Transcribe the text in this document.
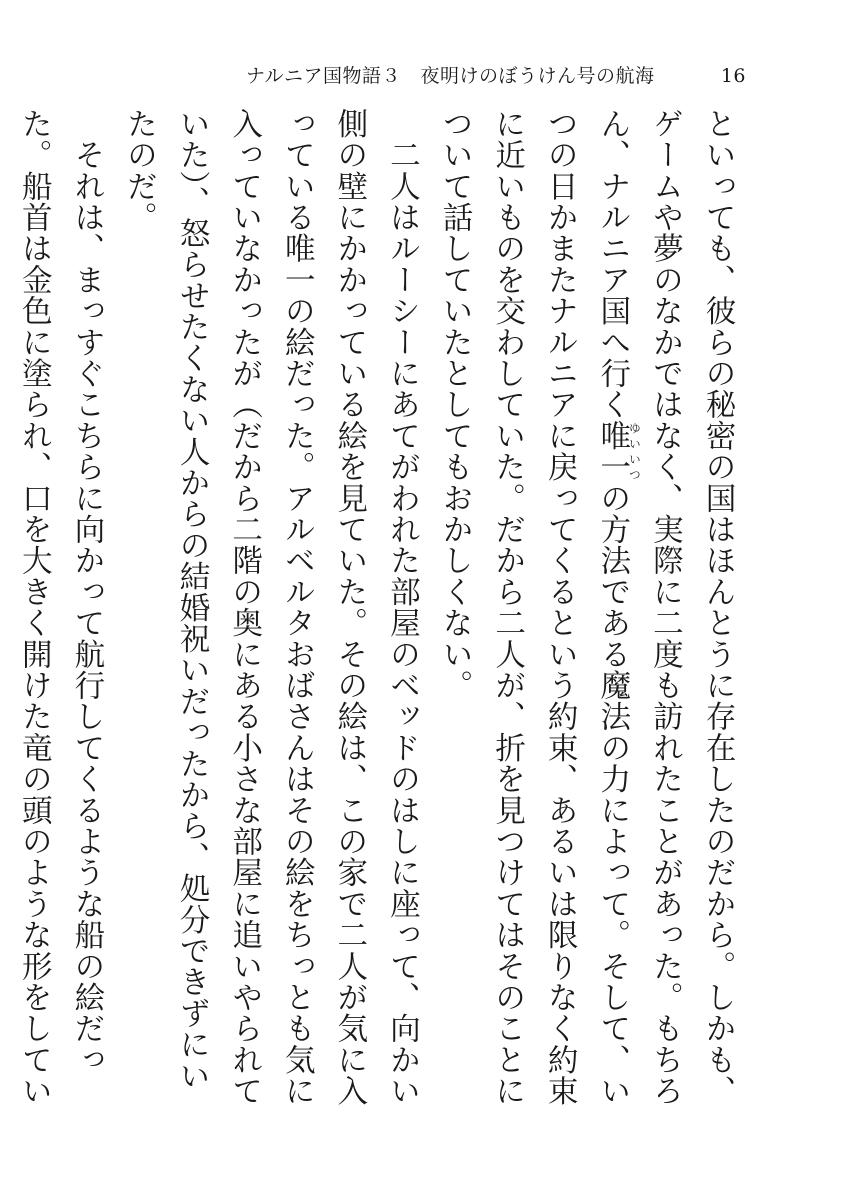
ナルニア国物語３　夜明けのぼうけん号の航海	16

といっても、彼らの秘密の国はほんとうに存在したのだから。しかも、ゲームや夢のなかではなく、実際に二度も訪れたことがあった。もちろん、ナルニア国へ行く唯一ゆいいつの方法である魔法の力によって。そして、いつの日かまたナルニアに戻ってくるという約束、あるいは限りなく約束に近いものを交わしていた。だから二人が、折を見つけてはそのことについて話していたとしてもおかしくない。

　二人はルーシーにあてがわれた部屋のベッドのはしに座って、向かい側の壁にかかっている絵を見ていた。その絵は、この家で二人が気に入っている唯一の絵だった。アルベルタおばさんはその絵をちっとも気に入っていなかったが（だから二階の奥にある小さな部屋に追いやられていた）、怒らせたくない人からの結婚祝いだったから、処分できずにいたのだ。

　それは、まっすぐこちらに向かって航行してくるような船の絵だった。船首は金色に塗られ、口を大きく開けた竜の頭のような形をしてい
